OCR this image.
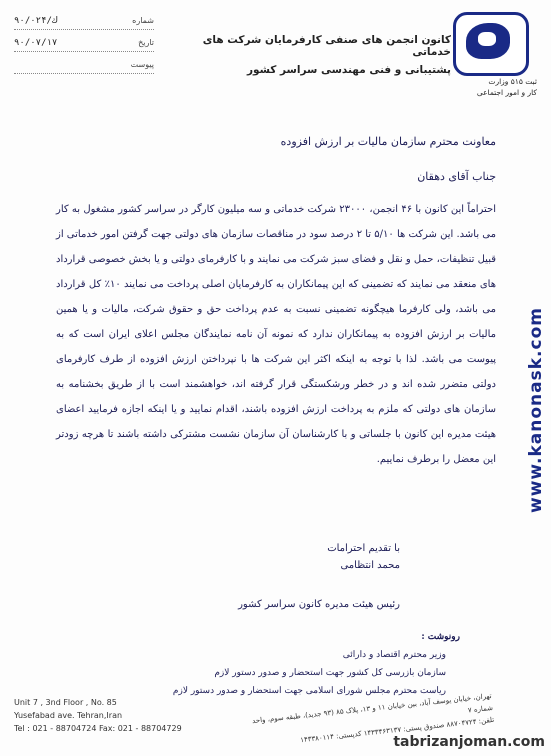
۹۰/ك/۰۲۴	شماره
۹۰/۰۷/۱۷	تاریخ
پیوست
کانون انجمن های صنفی کارفرمایان شرکت های خدماتی
پشتیبانی و فنی مهندسی سراسر کشور
ثبت ۵۱۵ وزارت
کار و امور اجتماعی
www.kanonask.com
معاونت محترم سازمان مالیات بر ارزش افزوده
جناب آقای دهقان
احتراماً این کانون با ۴۶ انجمن، ۲۳۰۰۰ شرکت خدماتی و سه میلیون کارگر در سراسر کشور مشغول به کار می باشد. این شرکت ها ۵/۱۰ تا ۲ درصد سود در مناقصات سازمان های دولتی جهت گرفتن امور خدماتی از قبیل تنظیفات، حمل و نقل و فضای سبز شرکت می نمایند و با کارفرمای دولتی و یا بخش خصوصی قرارداد های منعقد می نمایند که تضمینی که این پیمانکاران به کارفرمایان اصلی پرداخت می نمایند ۱۰٪ کل قرارداد می باشد، ولی کارفرما هیچگونه تضمینی نسبت به عدم پرداخت حق و حقوق شرکت، مالیات و یا همین مالیات بر ارزش افزوده به پیمانکاران ندارد که نمونه آن نامه نمایندگان مجلس اعلای ایران است که به پیوست می باشد. لذا با توجه به اینکه اکثر این شرکت ها با نپرداختن ارزش افزوده از طرف کارفرمای دولتی متضرر شده اند و در خطر ورشکستگی قرار گرفته اند، خواهشمند است با از طریق بخشنامه به سازمان های دولتی که ملزم به پرداخت ارزش افزوده باشند، اقدام نمایید و یا اینکه اجازه فرمایید اعضای هیئت مدیره این کانون با جلساتی و با کارشناسان آن سازمان نشست مشترکی داشته باشند تا هرچه زودتر این معضل را برطرف نماییم.
با تقدیم احترامات
محمد انتظامی
رئیس هیئت مدیره کانون سراسر کشور
رونوشت :
وزیر محترم اقتصاد و دارائی
سازمان بازرسی کل کشور جهت استحضار و صدور دستور لازم
ریاست محترم مجلس شورای اسلامی جهت استحضار و صدور دستور لازم
Unit 7 , 3nd Floor , No. 85
Yusefabad ave. Tehran,Iran
Tel : 021 - 88704724 Fax: 021 - 88704729
تهران، خیابان یوسف آباد، بین خیابان ۱۱ و ۱۳، پلاک ۸۵ (۹۳ جدید)، طبقه سوم، واحد شماره ۷
تلفن: ۸۸۷۰۴۷۲۴ صندوق پستی: ۱۴۳۳۴۶۳۱۳۷ کدپستی: ۱۴۳۳۸۰۱۱۴
tabrizanjoman.com
